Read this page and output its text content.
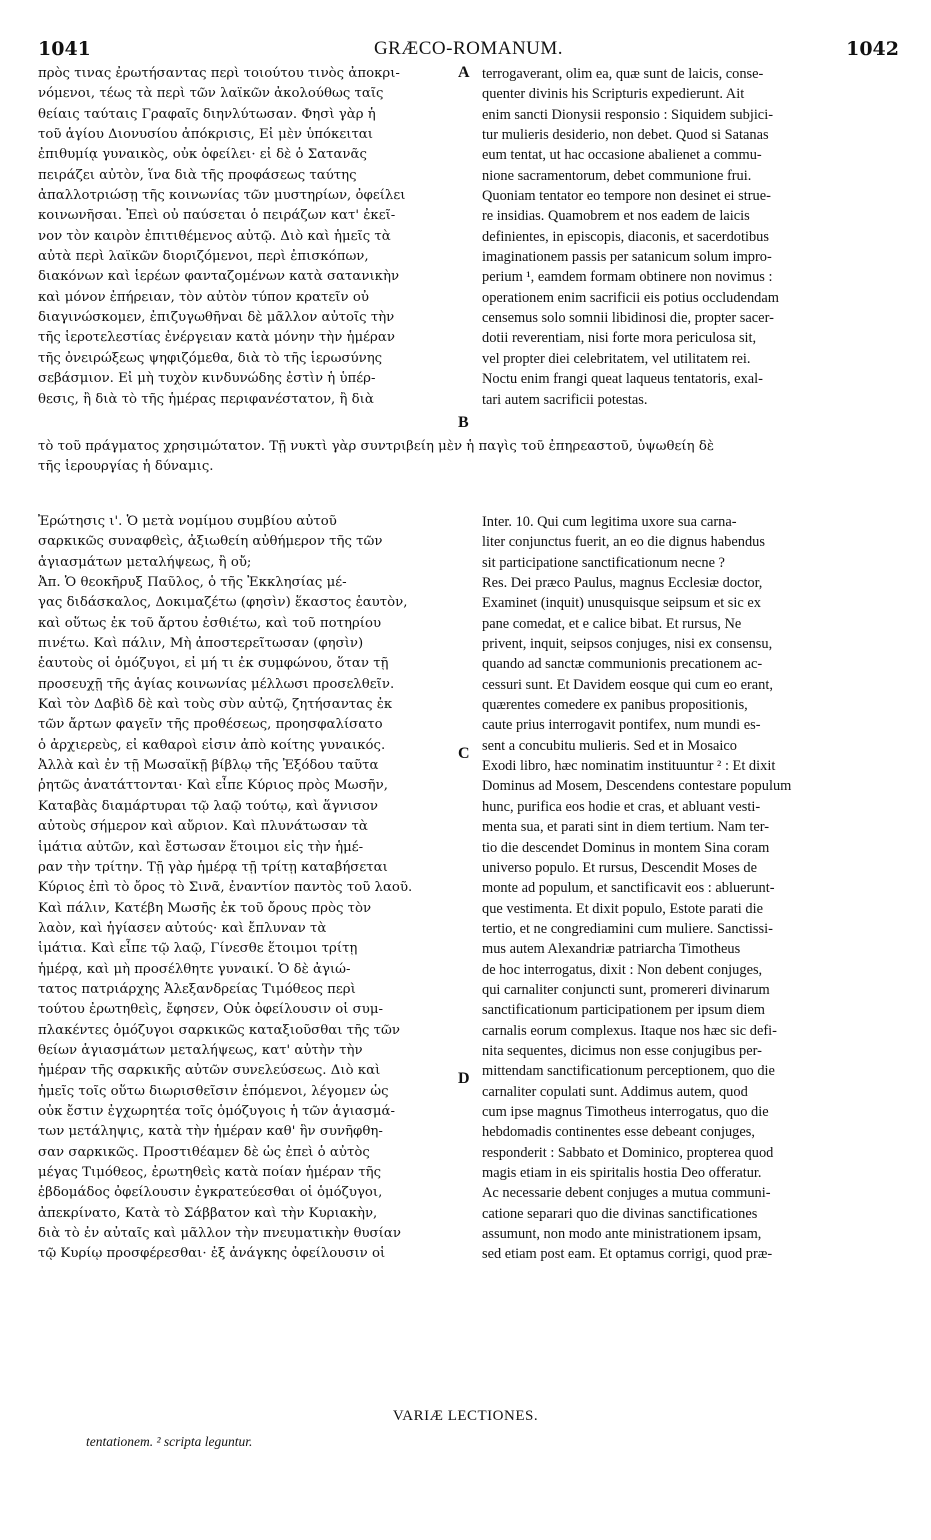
1041	GRÆCO-ROMANUM.	1042
πρὸς τινας ἐρωτήσαντας περὶ τοιούτου τινὸς ἀποκρι-
νόμενοι, τέως τὰ περὶ τῶν λαϊκῶν ἀκολούθως ταῖς
θείαις ταύταις Γραφαῖς διηνλύτωσαν. Φησὶ γὰρ ἡ
τοῦ ἁγίου Διονυσίου ἀπόκρισις, Εἰ μὲν ὑπόκειται
ἐπιθυμίᾳ γυναικὸς, οὐκ ὀφείλει· εἰ δὲ ὁ Σατανᾶς
πειράζει αὐτὸν, ἵνα διὰ τῆς προφάσεως ταύτης
ἀπαλλοτριώσῃ τῆς κοινωνίας τῶν μυστηρίων, ὀφείλει
κοινωνῆσαι. Ἐπεὶ οὐ παύσεται ὁ πειράζων κατ' ἐκεῖ-
νον τὸν καιρὸν ἐπιτιθέμενος αὐτῷ. Διὸ καὶ ἡμεῖς τὰ
αὐτὰ περὶ λαϊκῶν διοριζόμενοι, περὶ ἐπισκόπων,
διακόνων καὶ ἱερέων φανταζομένων κατὰ σατανικὴν
καὶ μόνον ἐπήρειαν, τὸν αὐτὸν τύπον κρατεῖν οὐ
διαγινώσκομεν, ἐπιζυγωθῆναι δὲ μᾶλλον αὐτοῖς τὴν
τῆς ἱεροτελεστίας ἐνέργειαν κατὰ μόνην τὴν ἡμέραν
τῆς ὀνειρώξεως ψηφιζόμεθα, διὰ τὸ τῆς ἱερωσύνης
σεβάσμιον. Εἰ μὴ τυχὸν κινδυνώδης ἐστὶν ἡ ὑπέρ-
θεσις, ἢ διὰ τὸ τῆς ἡμέρας περιφανέστατον, ἢ διὰ
terrogaverant, olim ea, quæ sunt de laicis, conse-
quenter divinis his Scripturis expedierunt. Ait
enim sancti Dionysii responsio : Siquidem subjici-
tur mulieris desiderio, non debet. Quod si Satanas
eum tentat, ut hac occasione abalienet a commu-
nione sacramentorum, debet communione frui.
Quoniam tentator eo tempore non desinet ei strue-
re insidias. Quamobrem et nos eadem de laicis
definientes, in episcopis, diaconis, et sacerdotibus
imaginationem passis per satanicum solum impro-
perium ¹, eamdem formam obtinere non novimus :
operationem enim sacrificii eis potius occludendam
censemus solo somnii libidinosi die, propter sacer-
dotii reverentiam, nisi forte mora periculosa sit,
vel propter diei celebritatem, vel utilitatem rei.
Noctu enim frangi queat laqueus tentatoris, exal-
tari autem sacrificii potestas.
τὸ τοῦ πράγματος χρησιμώτατον. Τῇ νυκτὶ γὰρ συντριβείη μὲν ἡ παγὶς τοῦ ἐπηρεαστοῦ, ὑψωθείη δὲ
τῆς ἱερουργίας ἡ δύναμις.
Ἐρώτησις ι'. Ὁ μετὰ νομίμου συμβίου αὐτοῦ
σαρκικῶς συναφθεὶς, ἀξιωθείη αὐθήμερον τῆς τῶν
ἁγιασμάτων μεταλήψεως, ἢ οὔ;
Ἀπ. Ὁ θεοκῆρυξ Παῦλος, ὁ τῆς Ἐκκλησίας μέ-
γας διδάσκαλος, Δοκιμαζέτω (φησὶν) ἕκαστος ἑαυτὸν,
καὶ οὕτως ἐκ τοῦ ἄρτου ἐσθιέτω, καὶ τοῦ ποτηρίου
πινέτω. Καὶ πάλιν, Μὴ ἀποστερεῖτωσαν (φησὶν)
ἑαυτοὺς οἱ ὁμόζυγοι, εἰ μή τι ἐκ συμφώνου, ὅταν τῇ
προσευχῇ τῆς ἁγίας κοινωνίας μέλλωσι προσελθεῖν.
Καὶ τὸν Δαβὶδ δὲ καὶ τοὺς σὺν αὐτῷ, ζητήσαντας ἐκ
τῶν ἄρτων φαγεῖν τῆς προθέσεως, προησφαλίσατο
ὁ ἀρχιερεὺς, εἰ καθαροὶ εἰσιν ἀπὸ κοίτης γυναικός.
Ἀλλὰ καὶ ἐν τῇ Μωσαϊκῇ βίβλῳ τῆς Ἐξόδου ταῦτα
ῥητῶς ἀνατάττονται· Καὶ εἶπε Κύριος πρὸς Μωσῆν,
Καταβὰς διαμάρτυραι τῷ λαῷ τούτῳ, καὶ ἅγνισον
αὐτοὺς σήμερον καὶ αὔριον. Καὶ πλυνάτωσαν τὰ
ἱμάτια αὐτῶν, καὶ ἔστωσαν ἕτοιμοι εἰς τὴν ἡμέ-
ραν τὴν τρίτην. Τῇ γὰρ ἡμέρᾳ τῇ τρίτῃ καταβήσεται
Κύριος ἐπὶ τὸ ὄρος τὸ Σινᾶ, ἐναντίον παντὸς τοῦ λαοῦ.
Καὶ πάλιν, Κατέβη Μωσῆς ἐκ τοῦ ὄρους πρὸς τὸν
λαὸν, καὶ ἡγίασεν αὐτούς· καὶ ἔπλυναν τὰ
ἱμάτια. Καὶ εἶπε τῷ λαῷ, Γίνεσθε ἕτοιμοι τρίτῃ
ἡμέρᾳ, καὶ μὴ προσέλθητε γυναικί. Ὁ δὲ ἀγιώ-
τατος πατριάρχης Ἀλεξανδρείας Τιμόθεος περὶ
τούτου ἐρωτηθεὶς, ἔφησεν, Οὐκ ὀφείλουσιν οἱ συμ-
πλακέντες ὁμόζυγοι σαρκικῶς καταξιοῦσθαι τῆς τῶν
θείων ἁγιασμάτων μεταλήψεως, κατ' αὐτὴν τὴν
ἡμέραν τῆς σαρκικῆς αὐτῶν συνελεύσεως. Διὸ καὶ
ἡμεῖς τοῖς οὕτω διωρισθεῖσιν ἑπόμενοι, λέγομεν ὡς
οὐκ ἔστιν ἐγχωρητέα τοῖς ὁμόζυγοις ἡ τῶν ἁγιασμά-
των μετάληψις, κατὰ τὴν ἡμέραν καθ' ἣν συνῆφθη-
σαν σαρκικῶς. Προστιθέαμεν δὲ ὡς ἐπεὶ ὁ αὐτὸς
μέγας Τιμόθεος, ἐρωτηθεὶς κατὰ ποίαν ἡμέραν τῆς
ἑβδομάδος ὀφείλουσιν ἐγκρατεύεσθαι οἱ ὁμόζυγοι,
ἀπεκρίνατο, Κατὰ τὸ Σάββατον καὶ τὴν Κυριακὴν,
διὰ τὸ ἐν αὐταῖς καὶ μᾶλλον τὴν πνευματικὴν θυσίαν
τῷ Κυρίῳ προσφέρεσθαι· ἐξ ἀνάγκης ὀφείλουσιν οἱ
Inter. 10. Qui cum legitima uxore sua carna-
liter conjunctus fuerit, an eo die dignus habendus
sit participatione sanctificationum necne ?
Res. Dei præco Paulus, magnus Ecclesiæ doctor,
Examinet (inquit) unusquisque seipsum et sic ex
pane comedat, et e calice bibat. Et rursus, Ne
privent, inquit, seipsos conjuges, nisi ex consensu,
quando ad sanctæ communionis precationem ac-
cessuri sunt. Et Davidem eosque qui cum eo erant,
quærentes comedere ex panibus propositionis,
caute prius interrogavit pontifex, num mundi es-
sent a concubitu mulieris. Sed et in Mosaico
Exodi libro, hæc nominatim instituuntur ² : Et dixit
Dominus ad Mosem, Descendens contestare populum
hunc, purifica eos hodie et cras, et abluant vesti-
menta sua, et parati sint in diem tertium. Nam ter-
tio die descendet Dominus in montem Sina coram
universo populo. Et rursus, Descendit Moses de
monte ad populum, et sanctificavit eos : abluerunt-
que vestimenta. Et dixit populo, Estote parati die
tertio, et ne congrediamini cum muliere. Sanctissi-
mus autem Alexandriæ patriarcha Timotheus
de hoc interrogatus, dixit : Non debent conjuges,
qui carnaliter conjuncti sunt, promereri divinarum
sanctificationum participationem per ipsum diem
carnalis eorum complexus. Itaque nos hæc sic defi-
nita sequentes, dicimus non esse conjugibus per-
mittendam sanctificationum perceptionem, quo die
carnaliter copulati sunt. Addimus autem, quod
cum ipse magnus Timotheus interrogatus, quo die
hebdomadis continentes esse debeant conjuges,
responderit : Sabbato et Dominico, propterea quod
magis etiam in eis spiritalis hostia Deo offeratur.
Ac necessarie debent conjuges a mutua communi-
catione separari quo die divinas sanctificationes
assumunt, non modo ante ministrationem ipsam,
sed etiam post eam. Et optamus corrigi, quod præ-
A
B
C
D
VARIÆ LECTIONES.
tentationem. ² scripta leguntur.
